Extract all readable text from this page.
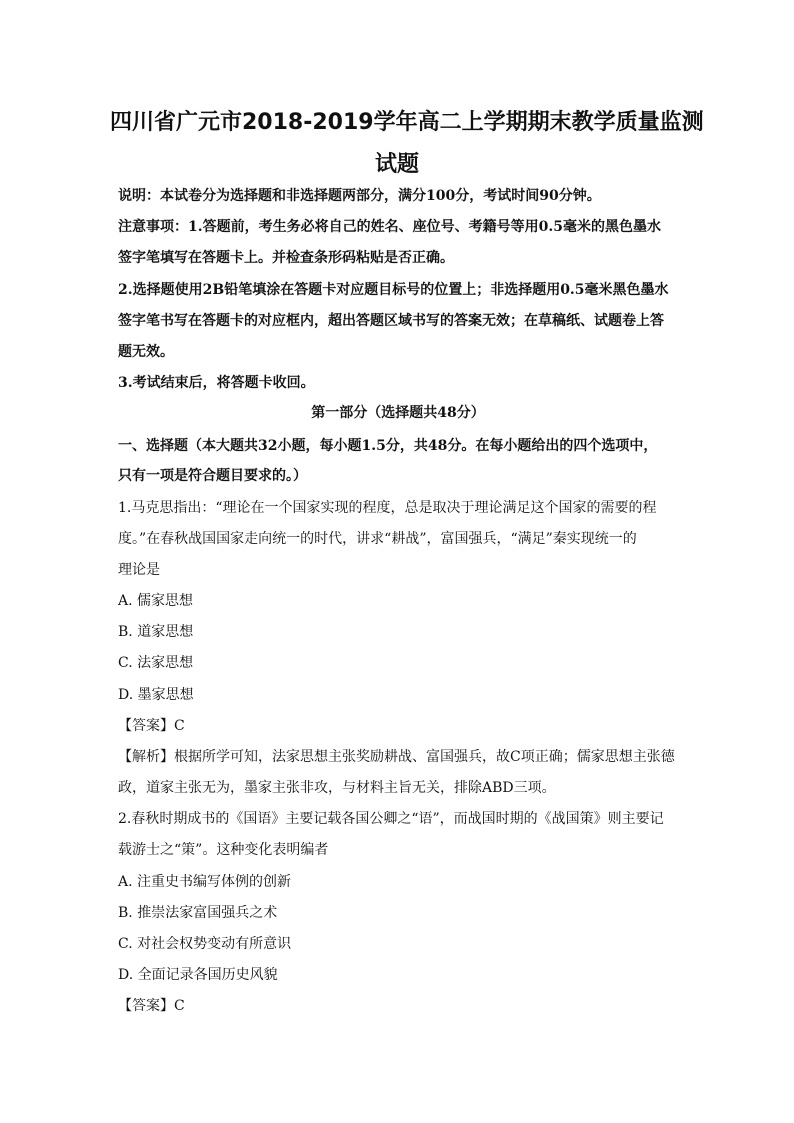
四川省广元市2018-2019学年高二上学期期末教学质量监测
试题
说明：本试卷分为选择题和非选择题两部分，满分100分，考试时间90分钟。
注意事项：1.答题前，考生务必将自己的姓名、座位号、考籍号等用0.5毫米的黑色墨水
签字笔填写在答题卡上。并检查条形码粘贴是否正确。
2.选择题使用2B铅笔填涂在答题卡对应题目标号的位置上；非选择题用0.5毫米黑色墨水
签字笔书写在答题卡的对应框内，超出答题区域书写的答案无效；在草稿纸、试题卷上答
题无效。
3.考试结束后，将答题卡收回。
第一部分（选择题共48分）
一、选择题（本大题共32小题，每小题1.5分，共48分。在每小题给出的四个选项中，
只有一项是符合题目要求的。）
1.马克思指出：“理论在一个国家实现的程度，总是取决于理论满足这个国家的需要的程
度。”在春秋战国国家走向统一的时代，讲求“耕战”，富国强兵，“满足”秦实现统一的
理论是
A. 儒家思想
B. 道家思想
C. 法家思想
D. 墨家思想
【答案】C
【解析】根据所学可知，法家思想主张奖励耕战、富国强兵，故C项正确；儒家思想主张德
政，道家主张无为，墨家主张非攻，与材料主旨无关，排除ABD三项。
2.春秋时期成书的《国语》主要记载各国公卿之“语”，而战国时期的《战国策》则主要记
载游士之“策”。这种变化表明编者
A. 注重史书编写体例的创新
B. 推崇法家富国强兵之术
C. 对社会权势变动有所意识
D. 全面记录各国历史风貌
【答案】C
